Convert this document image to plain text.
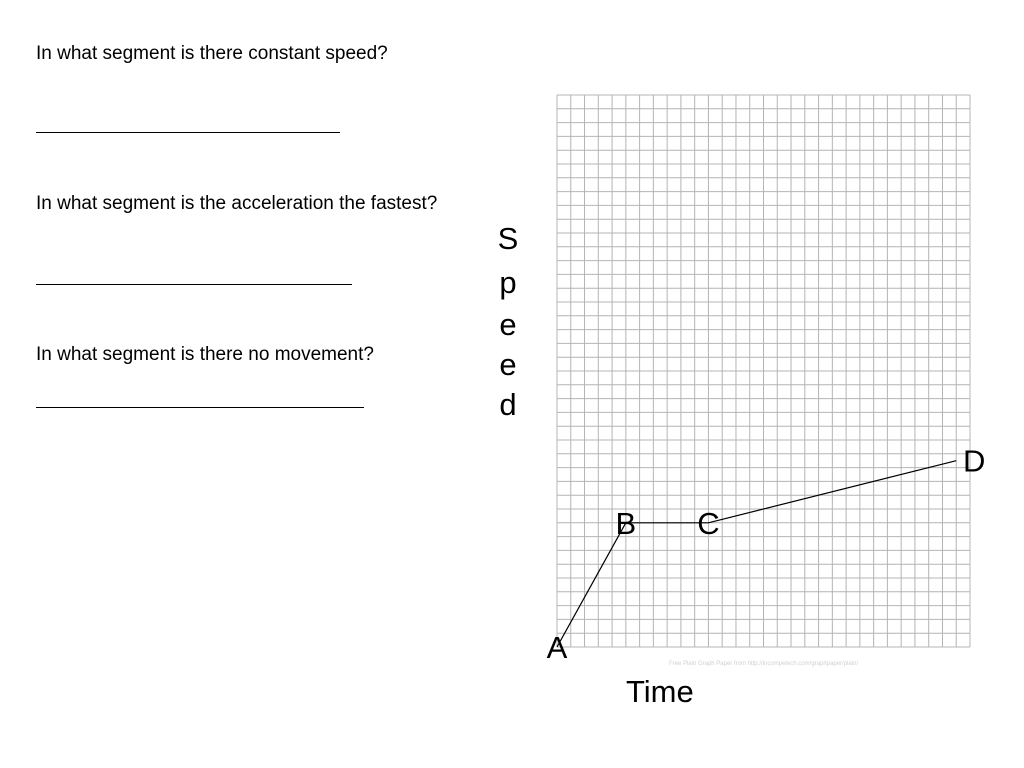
In what segment is there constant speed?

In what segment is the acceleration the fastest?

In what segment is there no movement?

S
p
e
e
d
Time
A
B C
D
Free Plain Graph Paper from http://incompetech.com/graphpaper/plain/
